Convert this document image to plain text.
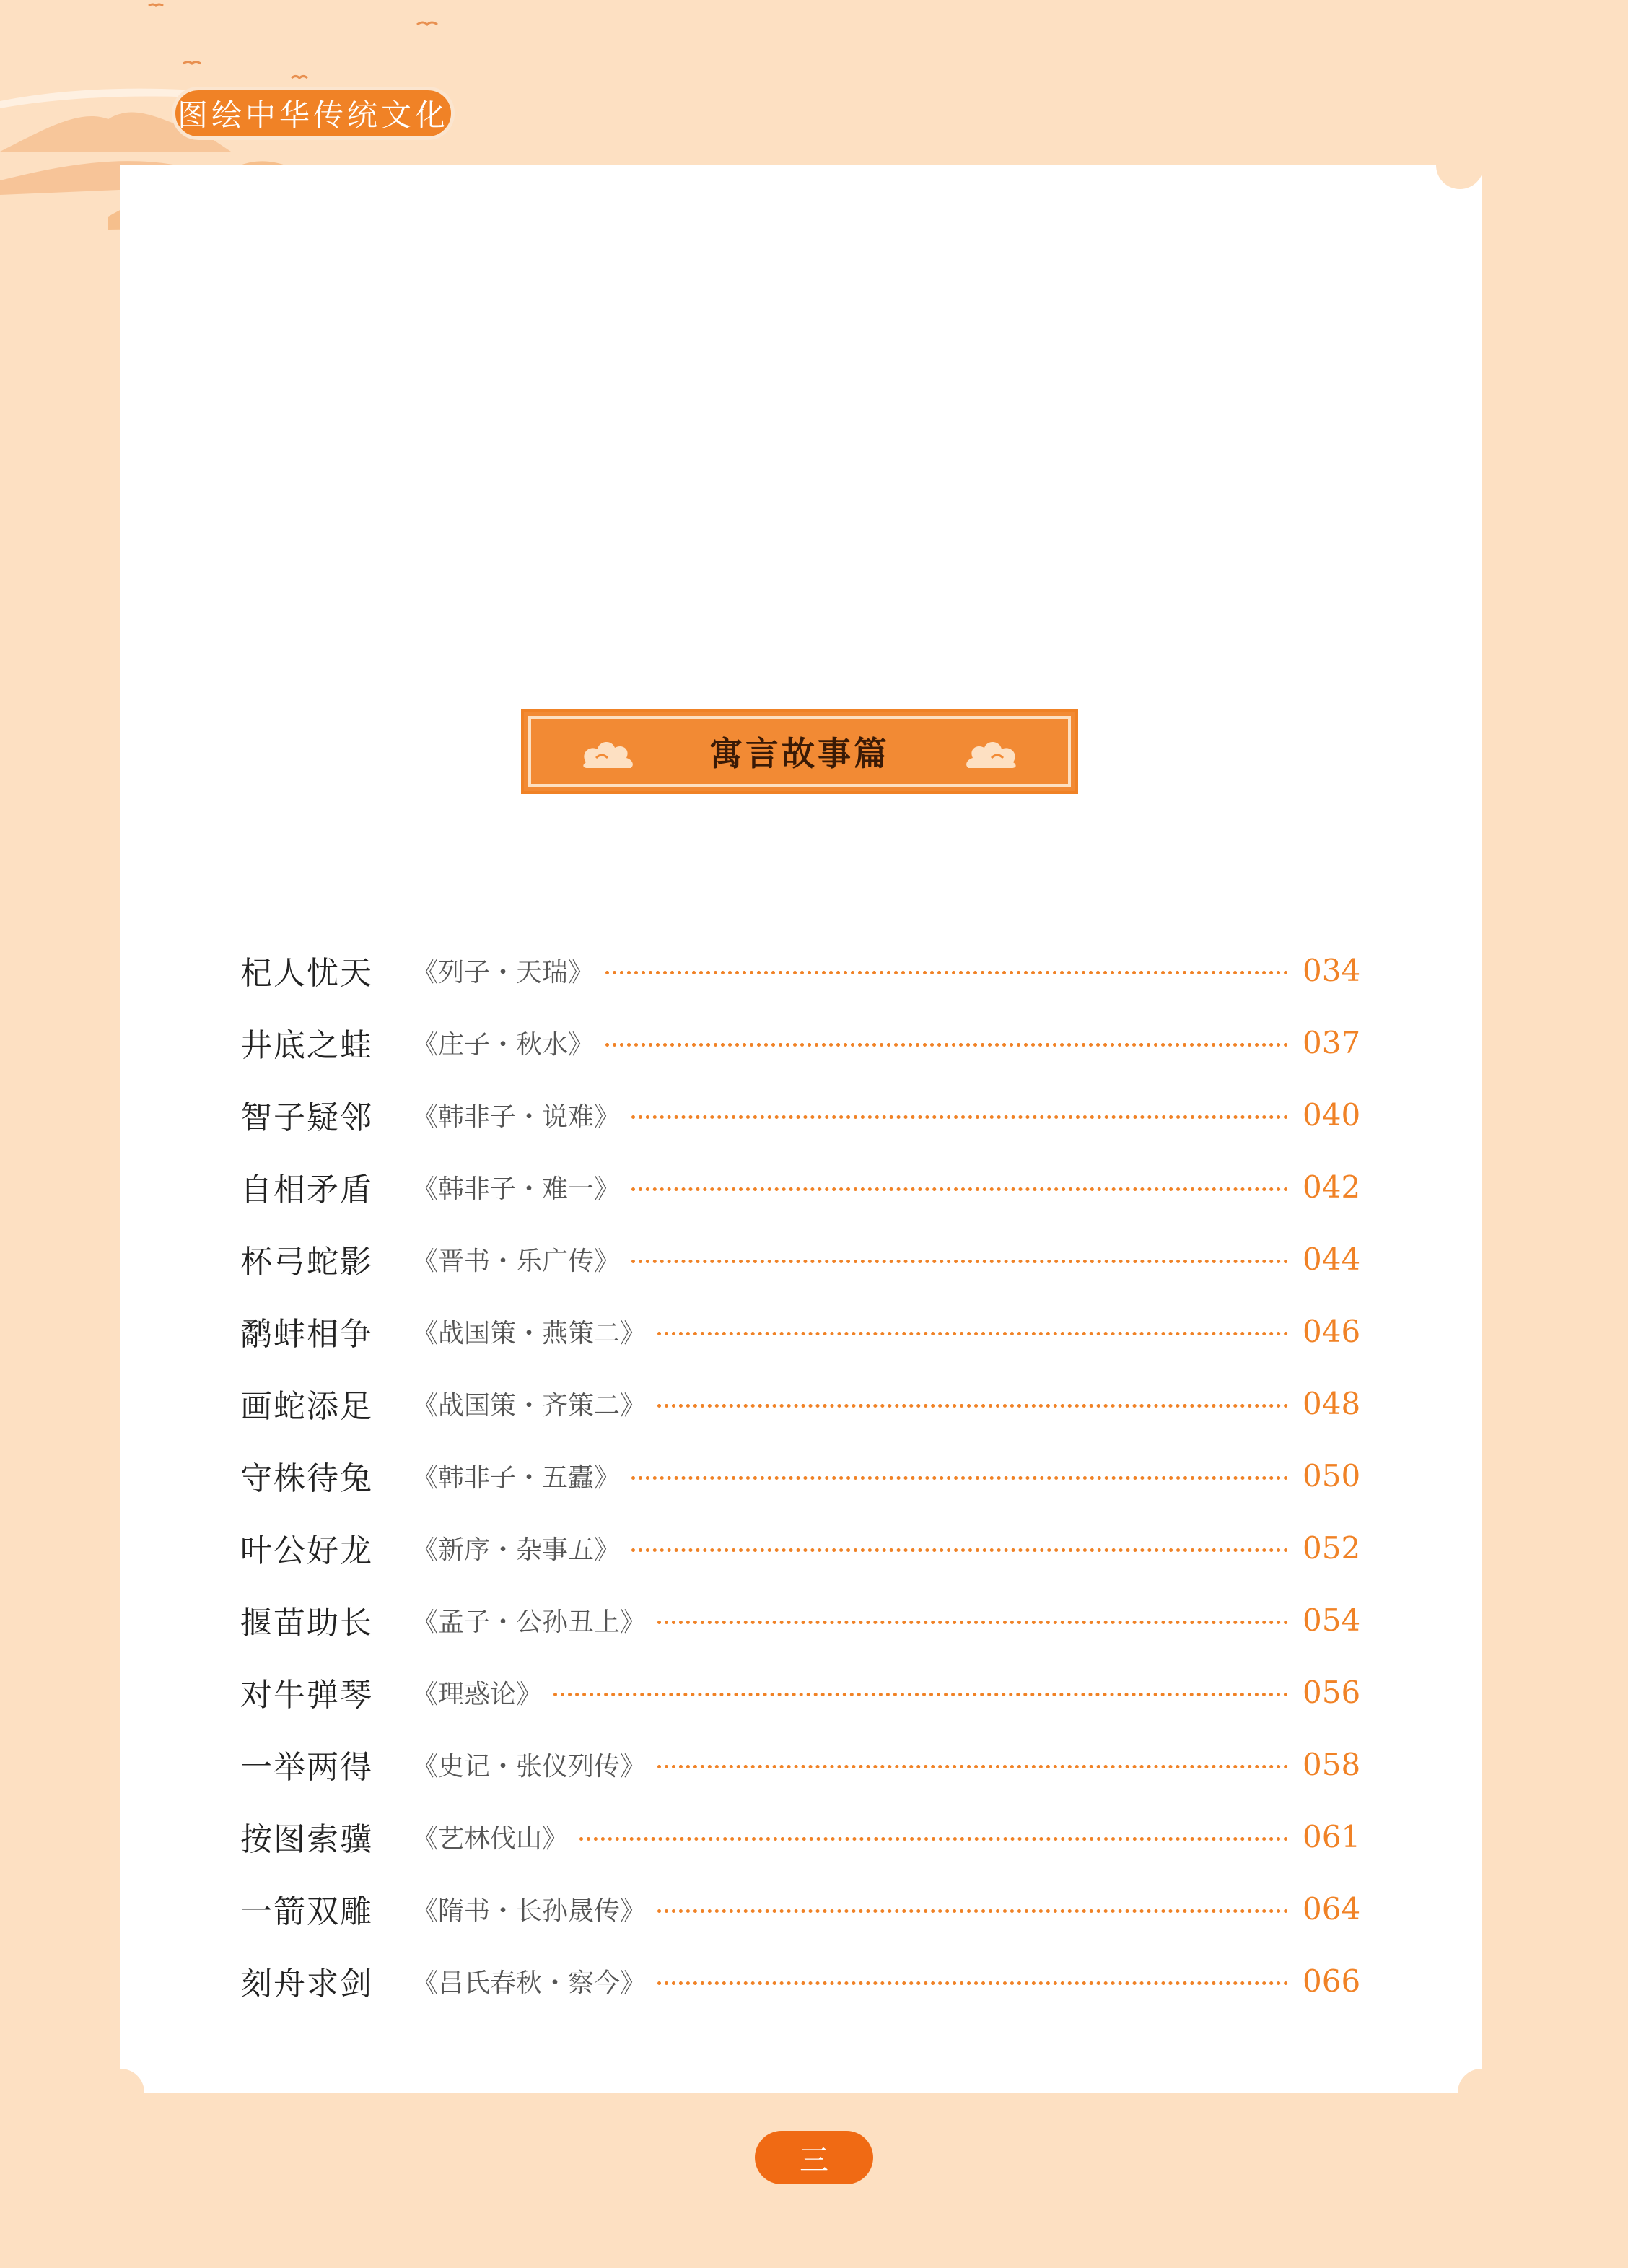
图绘中华传统文化
寓言故事篇
杞人忧天	《列子・天瑞》	034
井底之蛙	《庄子・秋水》	037
智子疑邻	《韩非子・说难》	040
自相矛盾	《韩非子・难一》	042
杯弓蛇影	《晋书・乐广传》	044
鹬蚌相争	《战国策・燕策二》	046
画蛇添足	《战国策・齐策二》	048
守株待兔	《韩非子・五蠹》	050
叶公好龙	《新序・杂事五》	052
揠苗助长	《孟子・公孙丑上》	054
对牛弹琴	《理惑论》	056
一举两得	《史记・张仪列传》	058
按图索骥	《艺林伐山》	061
一箭双雕	《隋书・长孙晟传》	064
刻舟求剑	《吕氏春秋・察今》	066
三
